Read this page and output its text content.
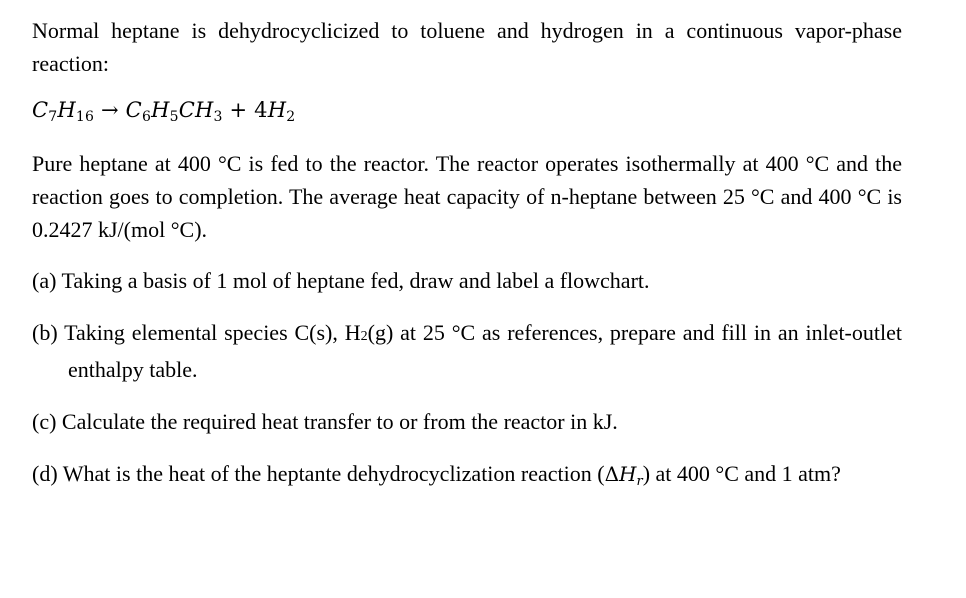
Normal heptane is dehydrocyclicized to toluene and hydrogen in a continuous vapor-phase reaction:

$C_7H_{16} \to C_6H_5CH_3 + 4H_2$

Pure heptane at 400 °C is fed to the reactor. The reactor operates isothermally at 400 °C and the reaction goes to completion. The average heat capacity of n-heptane between 25 °C and 400 °C is 0.2427 kJ/(mol °C).

(a) Taking a basis of 1 mol of heptane fed, draw and label a flowchart.

(b) Taking elemental species C(s), H2(g) at 25 °C as references, prepare and fill in an inlet-outlet enthalpy table.

(c) Calculate the required heat transfer to or from the reactor in kJ.

(d) What is the heat of the heptante dehydrocyclization reaction (ΔHr) at 400 °C and 1 atm?
